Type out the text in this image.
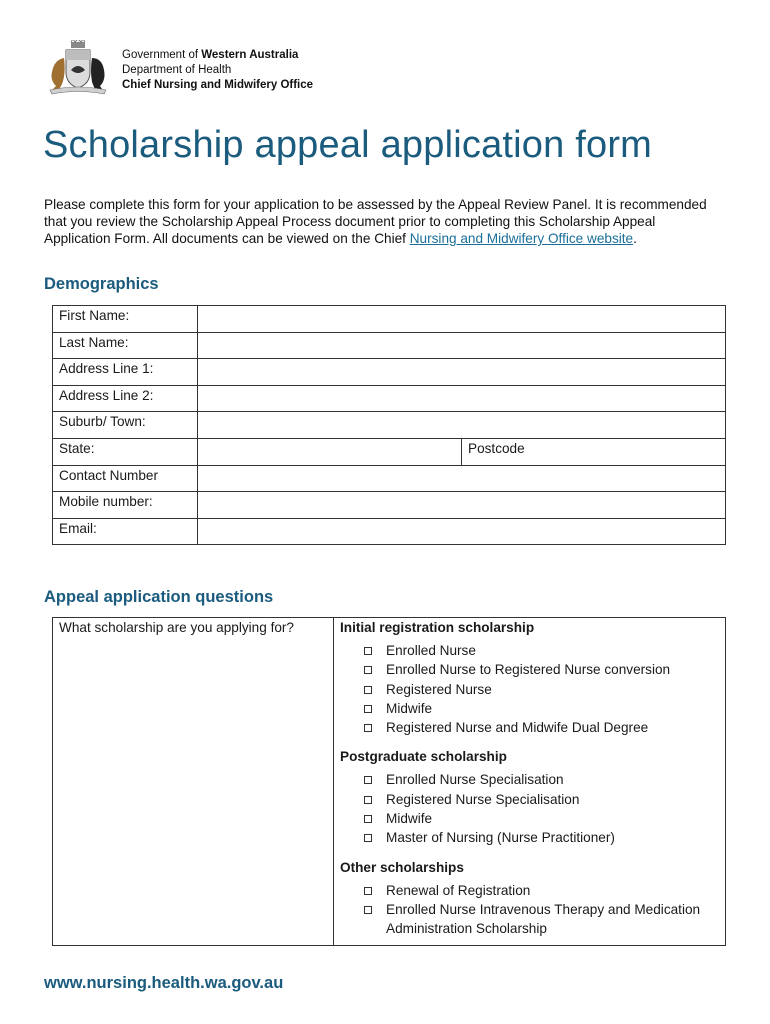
Government of Western Australia
Department of Health
Chief Nursing and Midwifery Office
Scholarship appeal application form

Please complete this form for your application to be assessed by the Appeal Review Panel. It is recommended that you review the Scholarship Appeal Process document prior to completing this Scholarship Appeal Application Form. All documents can be viewed on the Chief Nursing and Midwifery Office website.

Demographics
First Name:		
Last Name:		
Address Line 1:		
Address Line 2:		
Suburb/ Town:		
State:		Postcode
Contact Number		
Mobile number:		
Email:		
Appeal application questions
What scholarship are you applying for?	Initial registration scholarship
Enrolled Nurse
Enrolled Nurse to Registered Nurse conversion
Registered Nurse
Midwife
Registered Nurse and Midwife Dual Degree
Postgraduate scholarship
Enrolled Nurse Specialisation
Registered Nurse Specialisation
Midwife
Master of Nursing (Nurse Practitioner)
Other scholarships
Renewal of Registration
Enrolled Nurse Intravenous Therapy and Medication Administration Scholarship
www.nursing.health.wa.gov.au
